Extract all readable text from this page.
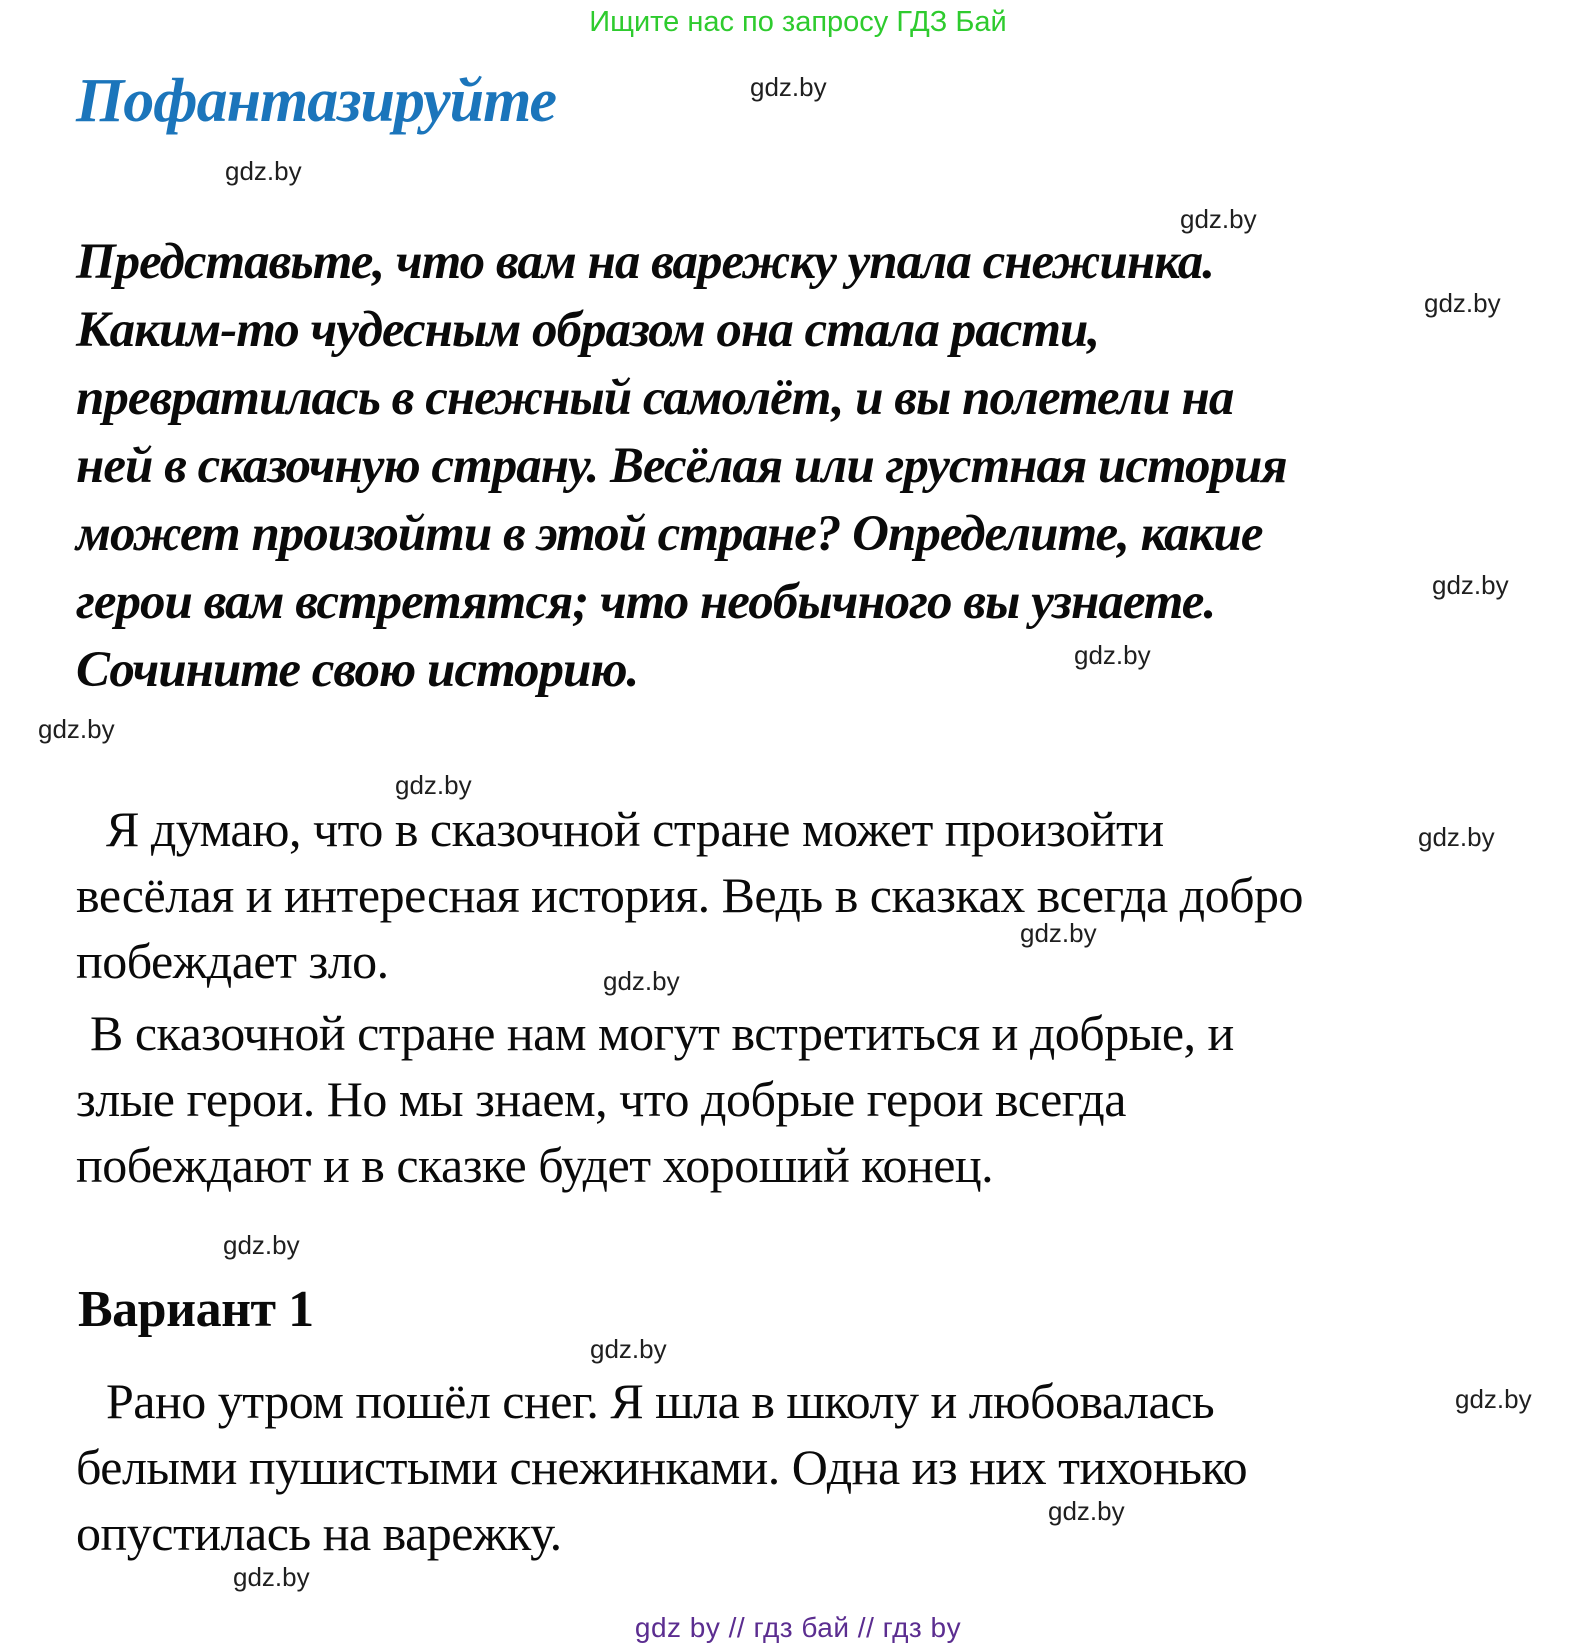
Ищите нас по запросу ГДЗ Бай
Пофантазируйте
Представьте, что вам на варежку упала снежинка.
Каким-то чудесным образом она стала расти,
превратилась в снежный самолёт, и вы полетели на
ней в сказочную страну. Весёлая или грустная история
может произойти в этой стране? Определите, какие
герои вам встретятся; что необычного вы узнаете.
Сочините свою историю.
Я думаю, что в сказочной стране может произойти
весёлая и интересная история. Ведь в сказках всегда добро
побеждает зло.
В сказочной стране нам могут встретиться и добрые, и
злые герои. Но мы знаем, что добрые герои всегда
побеждают и в сказке будет хороший конец.
Вариант 1
Рано утром пошёл снег. Я шла в школу и любовалась
белыми пушистыми снежинками. Одна из них тихонько
опустилась на варежку.
gdz.by
gdz.by
gdz.by
gdz.by
gdz.by
gdz.by
gdz.by
gdz.by
gdz.by
gdz.by
gdz.by
gdz.by
gdz.by
gdz.by
gdz.by
gdz.by
gdz by // гдз бай // гдз by
